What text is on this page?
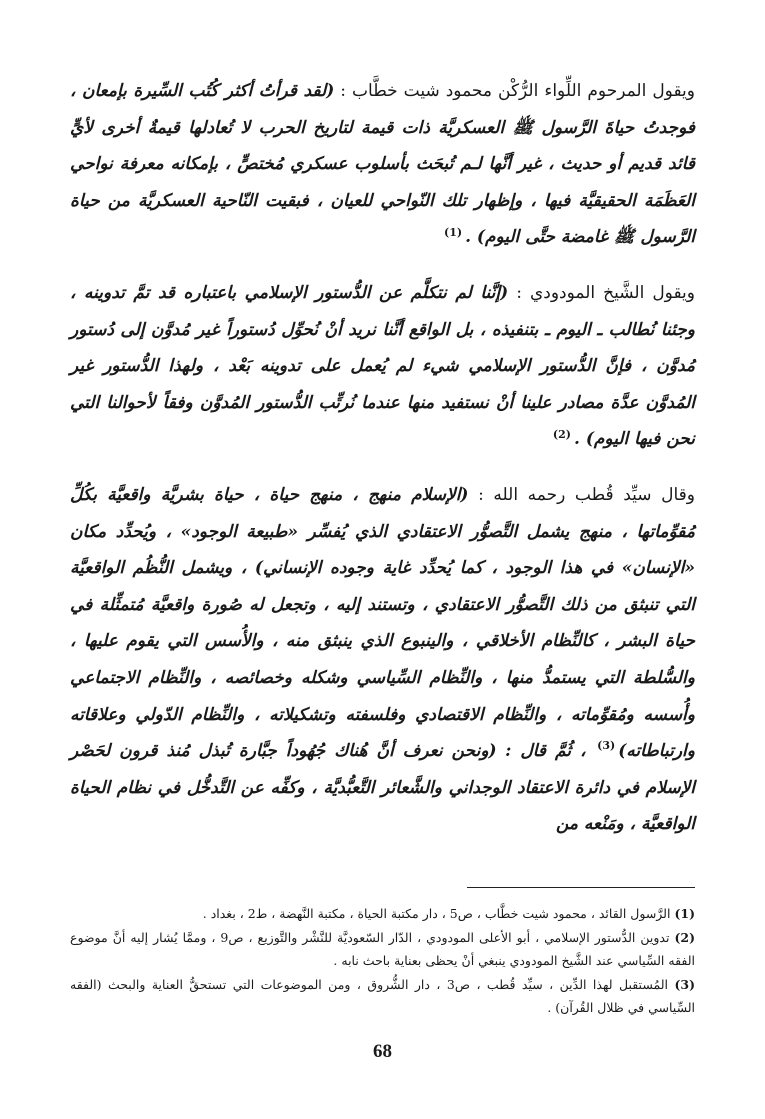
ويقول المرحوم اللِّواء الرُّكْن محمود شيت خطَّاب : (لقد قرأتُ أكثر كُتُب السِّيرة بإمعان ، فوجدتُ حياةَ الرَّسول ﷺ العسكريَّة ذات قيمة لتاريخ الحرب لا تُعادلها قيمةٌ أخرى لأيٍّ قائد قديم أو حديث ، غير أنَّها لـم تُبحَث بأسلوب عسكري مُختصٍّ ، بإمكانه معرفة نواحي العَظَمَة الحقيقيَّة فيها ، وإظهار تلك النّواحي للعيان ، فبقيت النّاحية العسكريَّة من حياة الرَّسول ﷺ غامضة حتَّى اليوم) .$^{(1)}$

ويقول الشَّيخ المودودي : (إنَّنا لم نتكلَّم عن الدُّستور الإسلامي باعتباره قد تمَّ تدوينه ، وجئنا نُطالب ـ اليوم ـ بتنفيذه ، بل الواقع أنَّنا نريد أنْ نُحوِّل دُستوراً غير مُدوَّن إلى دُستور مُدوَّن ، فإنَّ الدُّستور الإسلامي شيء لم يُعمل على تدوينه بَعْد ، ولهذا الدُّستور غير المُدوَّن عدَّة مصادر علينا أنْ نستفيد منها عندما نُرتِّب الدُّستور المُدوَّن وفقاً لأحوالنا التي نحن فيها اليوم) .$^{(2)}$

وقال سيِّد قُطب رحمه الله : (الإسلام منهج ، منهج حياة ، حياة بشريَّة واقعيَّة بكُلِّ مُقوِّماتها ، منهج يشمل التَّصوُّر الاعتقادي الذي يُفسِّر «طبيعة الوجود» ، ويُحدِّد مكان «الإنسان» في هذا الوجود ، كما يُحدِّد غاية وجوده الإنساني) ، ويشمل النُّظُم الواقعيَّة التي تنبثق من ذلك التَّصوُّر الاعتقادي ، وتستند إليه ، وتجعل له صُورة واقعيَّة مُتمثِّلة في حياة البشر ، كالنِّظام الأخلاقي ، والينبوع الذي ينبثق منه ، والأُسس التي يقوم عليها ، والسُّلطة التي يستمدُّ منها ، والنِّظام السِّياسي وشكله وخصائصه ، والنِّظام الاجتماعي وأُسسه ومُقوِّماته ، والنِّظام الاقتصادي وفلسفته وتشكيلاته ، والنِّظام الدّولي وعلاقاته وارتباطاته)$^{(3)}$ ، ثُمَّ قال : (ونحن نعرف أنَّ هُناك جُهُوداً جبَّارة تُبذل مُنذ قرون لحَصْر الإسلام في دائرة الاعتقاد الوجداني والشَّعائر التَّعبُّديَّة ، وكفِّه عن التَّدخُّل في نظام الحياة الواقعيَّة ، ومَنْعه من

(1) الرَّسول القائد ، محمود شيت خطَّاب ، ص5 ، دار مكتبة الحياة ، مكتبة النَّهضة ، ط2 ، بغداد .

(2) تدوين الدُّستور الإسلامي ، أبو الأعلى المودودي ، الدّار السّعوديَّة للنَّشْر والتَّوزيع ، ص9 ، وممَّا يُشار إليه أنَّ موضوع الفقه السِّياسي عند الشَّيخ المودودي ينبغي أنْ يحظى بعناية باحث نابه .

(3) المُستقبل لهذا الدِّين ، سيِّد قُطب ، ص3 ، دار الشُّروق ، ومن الموضوعات التي تستحقُّ العناية والبحث (الفقه السِّياسي في ظلال القُرآن) .

68
